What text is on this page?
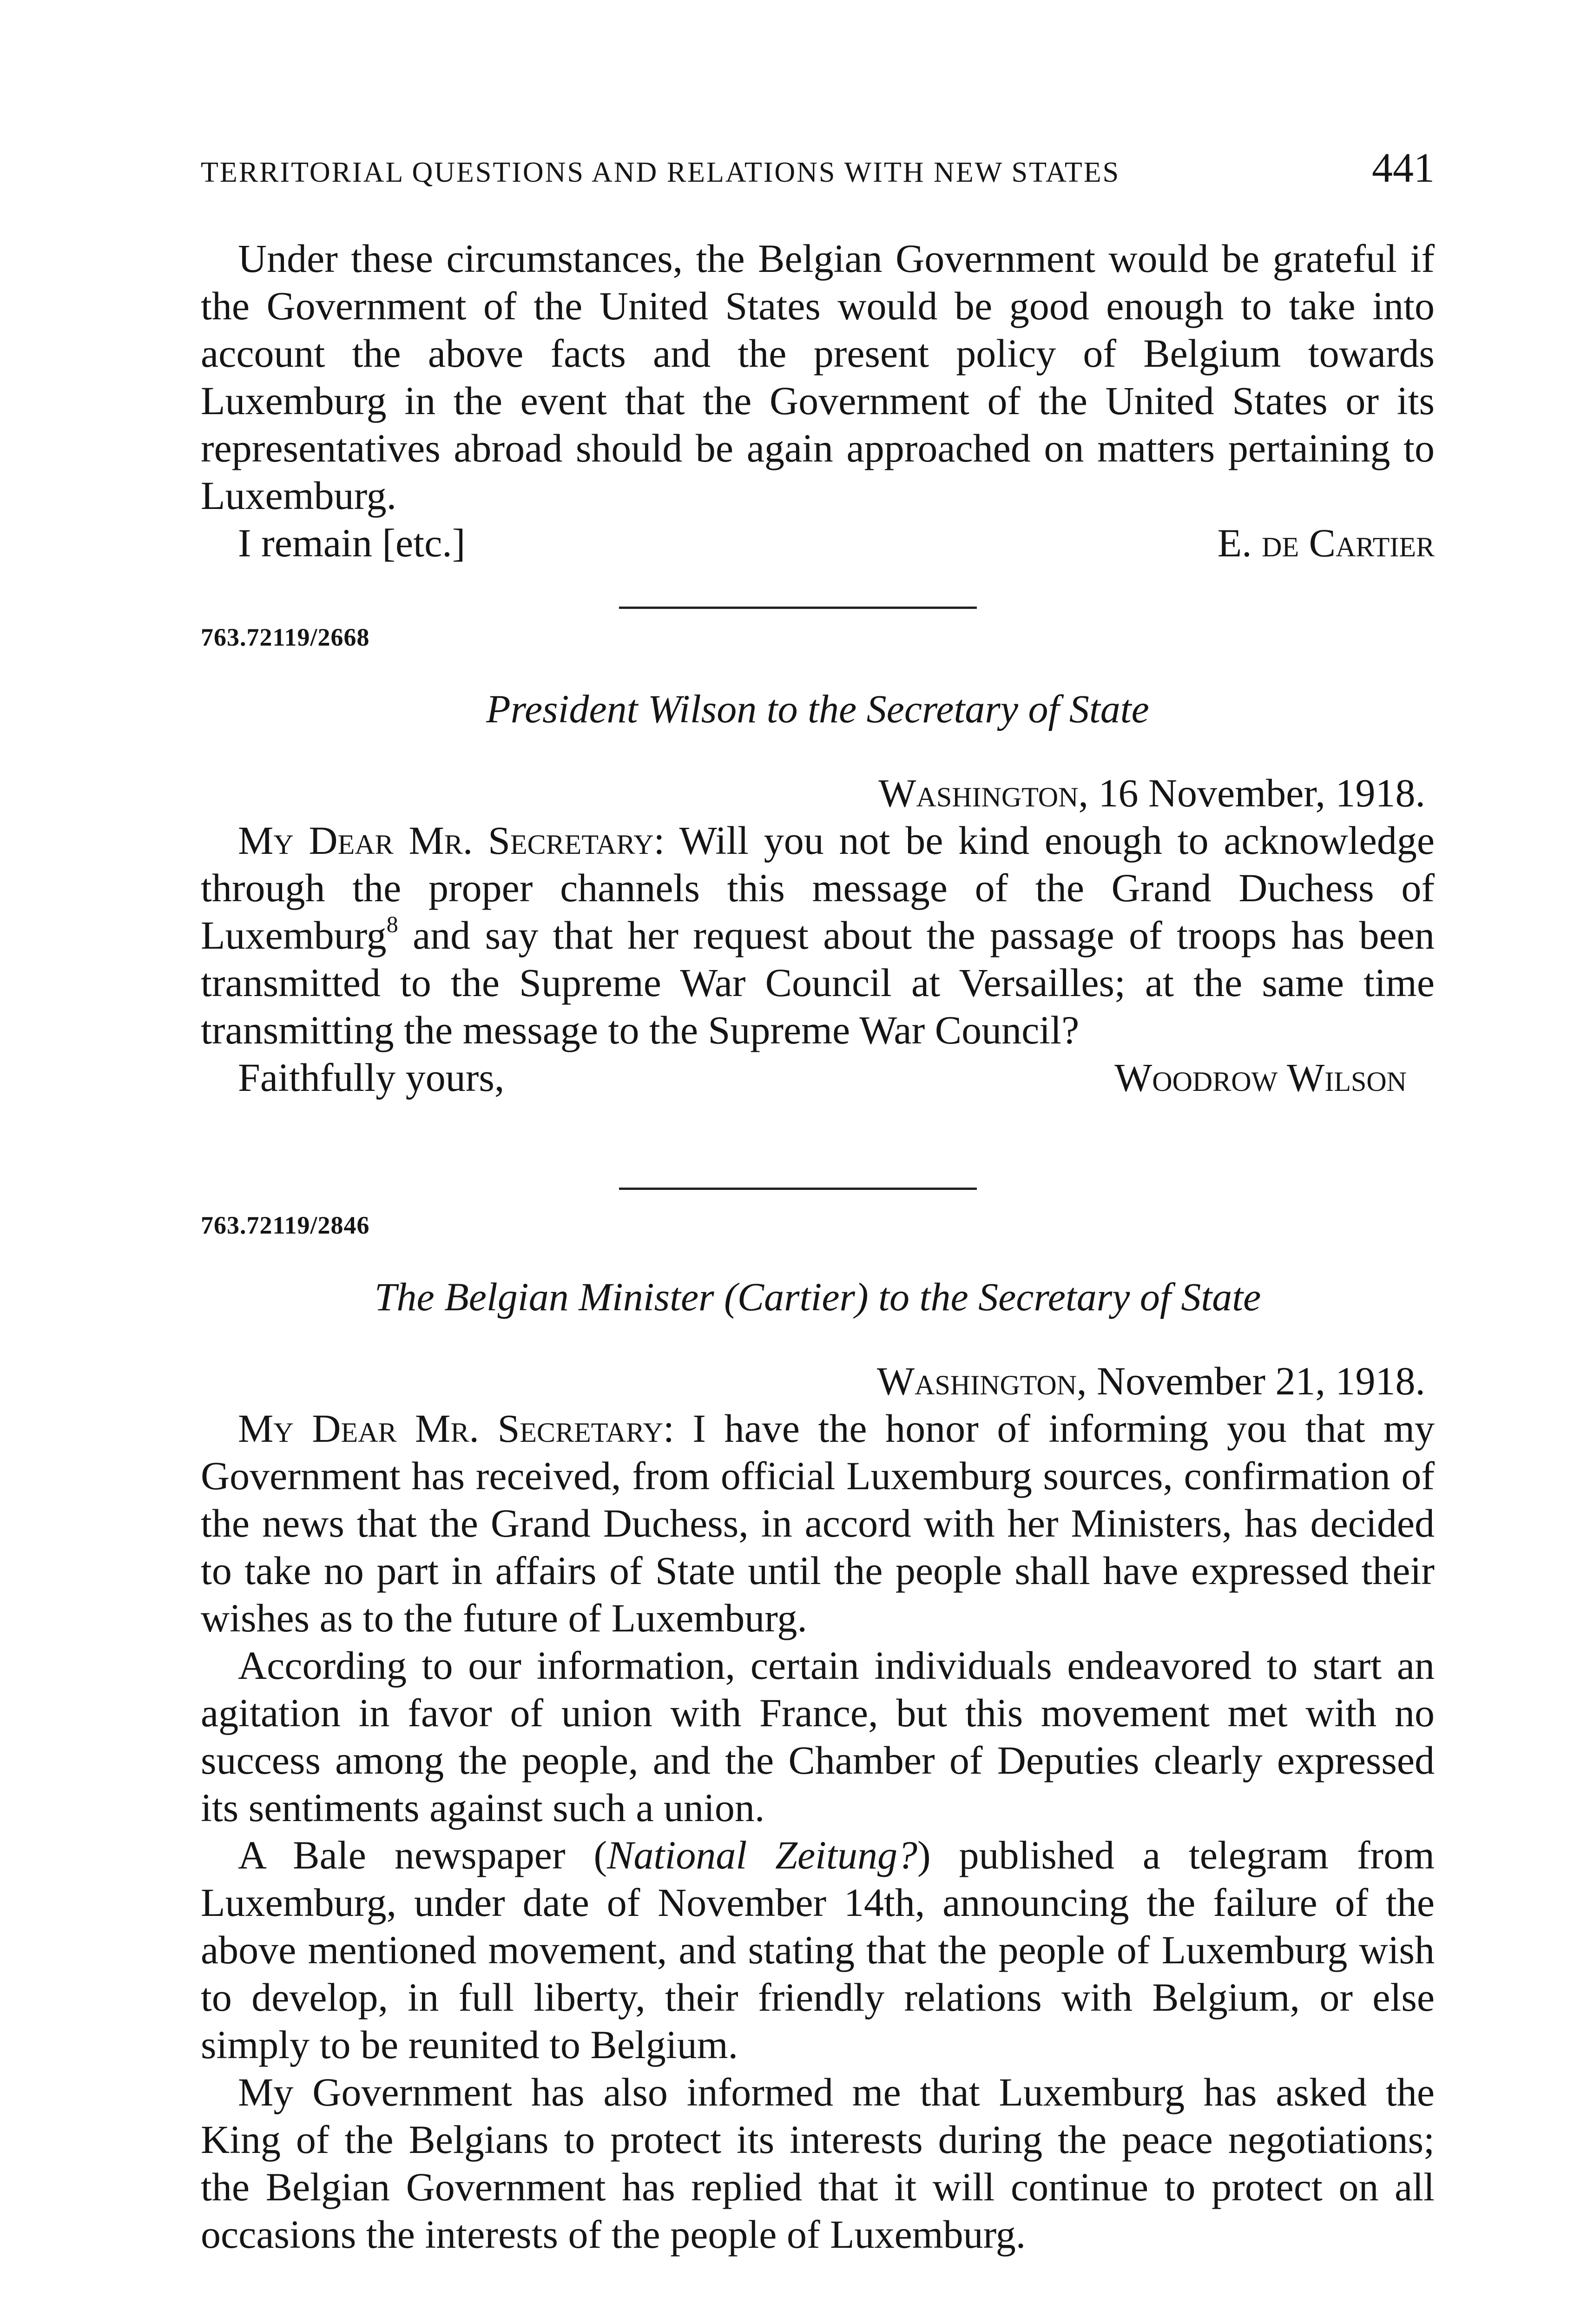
TERRITORIAL QUESTIONS AND RELATIONS WITH NEW STATES	441

Under these circumstances, the Belgian Government would be grateful if the Government of the United States would be good enough to take into account the above facts and the present policy of Belgium towards Luxemburg in the event that the Government of the United States or its representatives abroad should be again approached on matters pertaining to Luxemburg.

I remain [etc.]	E. de Cartier
763.72119/2668
President Wilson to the Secretary of State
Washington, 16 November, 1918.

My Dear Mr. Secretary: Will you not be kind enough to acknowledge through the proper channels this message of the Grand Duchess of Luxemburg$^8$ and say that her request about the passage of troops has been transmitted to the Supreme War Council at Versailles; at the same time transmitting the message to the Supreme War Council?

Faithfully yours,	Woodrow Wilson
763.72119/2846
The Belgian Minister (Cartier) to the Secretary of State
Washington, November 21, 1918.

My Dear Mr. Secretary: I have the honor of informing you that my Government has received, from official Luxemburg sources, confirmation of the news that the Grand Duchess, in accord with her Ministers, has decided to take no part in affairs of State until the people shall have expressed their wishes as to the future of Luxemburg.

According to our information, certain individuals endeavored to start an agitation in favor of union with France, but this movement met with no success among the people, and the Chamber of Deputies clearly expressed its sentiments against such a union.

A Bale newspaper (National Zeitung?) published a telegram from Luxemburg, under date of November 14th, announcing the failure of the above mentioned movement, and stating that the people of Luxemburg wish to develop, in full liberty, their friendly relations with Belgium, or else simply to be reunited to Belgium.

My Government has also informed me that Luxemburg has asked the King of the Belgians to protect its interests during the peace negotiations; the Belgian Government has replied that it will continue to protect on all occasions the interests of the people of Luxemburg.
